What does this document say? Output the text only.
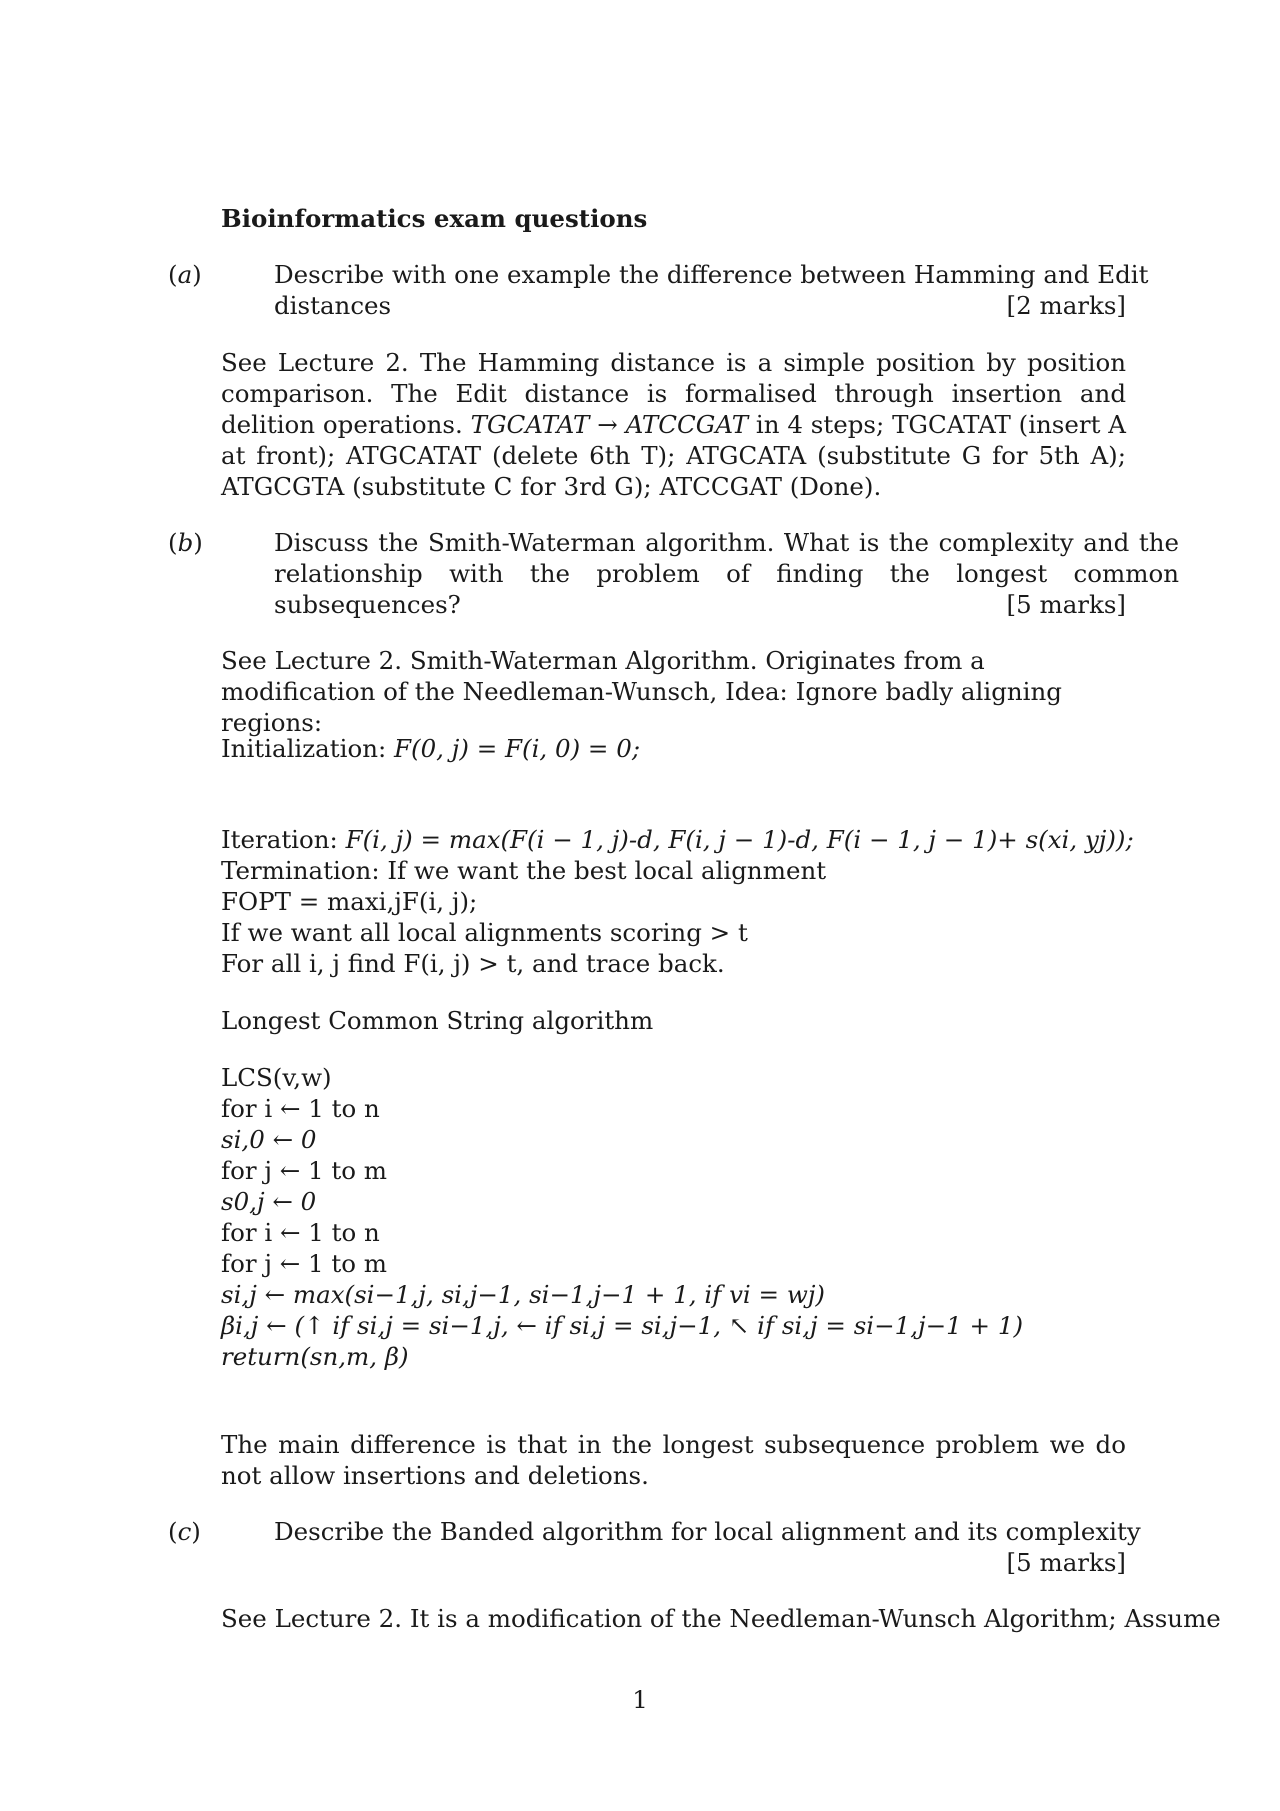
Bioinformatics exam questions
(a)	Describe with one example the difference between Hamming and Edit distances	[2 marks]
See Lecture 2. The Hamming distance is a simple position by position comparison. The Edit distance is formalised through insertion and delition operations. TGCATAT → ATCCGAT in 4 steps; TGCATAT (insert A at front); ATGCATAT (delete 6th T); ATGCATA (substitute G for 5th A); ATGCGTA (substitute C for 3rd G); ATCCGAT (Done).
(b)	Discuss the Smith-Waterman algorithm. What is the complexity and the relationship with the problem of finding the longest common subsequences?	[5 marks]
See Lecture 2. Smith-Waterman Algorithm. Originates from a modification of the Needleman-Wunsch, Idea: Ignore badly aligning regions:
Initialization: F(0, j) = F(i, 0) = 0;
Iteration: F(i, j) = max(F(i − 1, j)-d, F(i, j − 1)-d, F(i − 1, j − 1)+ s(xi, yj));
Termination: If we want the best local alignment
FOPT = maxi,jF(i, j);
If we want all local alignments scoring > t
For all i, j find F(i, j) > t, and trace back.
Longest Common String algorithm
LCS(v,w)
for i ← 1 to n
si,0 ← 0
for j ← 1 to m
s0,j ← 0
for i ← 1 to n
for j ← 1 to m
si,j ← max(si−1,j, si,j−1, si−1,j−1 + 1, if vi = wj)
βi,j ← (↑ if si,j = si−1,j, ← if si,j = si,j−1, ↖ if si,j = si−1,j−1 + 1)
return(sn,m, β)
The main difference is that in the longest subsequence problem we do not allow insertions and deletions.
(c)	Describe the Banded algorithm for local alignment and its complexity
[5 marks]
See Lecture 2. It is a modification of the Needleman-Wunsch Algorithm; Assume
1
